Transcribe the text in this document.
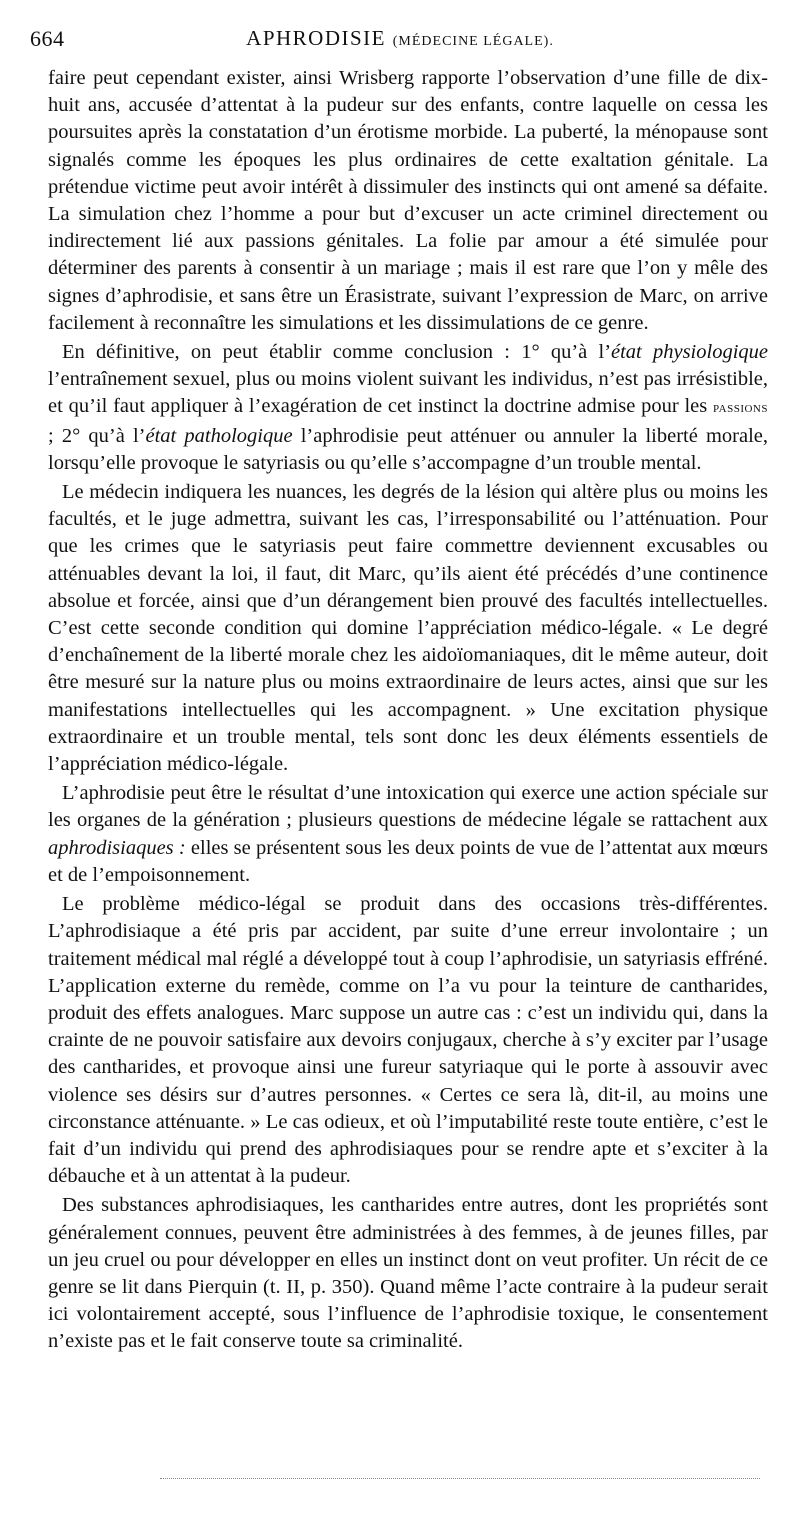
664	APHRODISIE (MÉDECINE LÉGALE).

faire peut cependant exister, ainsi Wrisberg rapporte l’observation d’une fille de dix-huit ans, accusée d’attentat à la pudeur sur des enfants, contre laquelle on cessa les poursuites après la constatation d’un érotisme morbide. La puberté, la ménopause sont signalés comme les époques les plus ordinaires de cette exaltation génitale. La prétendue victime peut avoir intérêt à dissimuler des instincts qui ont amené sa défaite. La simulation chez l’homme a pour but d’excuser un acte criminel directement ou indirectement lié aux passions génitales. La folie par amour a été simulée pour déterminer des parents à consentir à un mariage ; mais il est rare que l’on y mêle des signes d’aphrodisie, et sans être un Érasistrate, suivant l’expression de Marc, on arrive facilement à reconnaître les simulations et les dissimulations de ce genre.

En définitive, on peut établir comme conclusion : 1° qu’à l’état physiologique l’entraînement sexuel, plus ou moins violent suivant les individus, n’est pas irrésistible, et qu’il faut appliquer à l’exagération de cet instinct la doctrine admise pour les passions ; 2° qu’à l’état pathologique l’aphrodisie peut atténuer ou annuler la liberté morale, lorsqu’elle provoque le satyriasis ou qu’elle s’accompagne d’un trouble mental.

Le médecin indiquera les nuances, les degrés de la lésion qui altère plus ou moins les facultés, et le juge admettra, suivant les cas, l’irresponsabilité ou l’atténuation. Pour que les crimes que le satyriasis peut faire commettre deviennent excusables ou atténuables devant la loi, il faut, dit Marc, qu’ils aient été précédés d’une continence absolue et forcée, ainsi que d’un dérangement bien prouvé des facultés intellectuelles. C’est cette seconde condition qui domine l’appréciation médico-légale. « Le degré d’enchaînement de la liberté morale chez les aidoïomaniaques, dit le même auteur, doit être mesuré sur la nature plus ou moins extraordinaire de leurs actes, ainsi que sur les manifestations intellectuelles qui les accompagnent. » Une excitation physique extraordinaire et un trouble mental, tels sont donc les deux éléments essentiels de l’appréciation médico-légale.

L’aphrodisie peut être le résultat d’une intoxication qui exerce une action spéciale sur les organes de la génération ; plusieurs questions de médecine légale se rattachent aux aphrodisiaques : elles se présentent sous les deux points de vue de l’attentat aux mœurs et de l’empoisonnement.

Le problème médico-légal se produit dans des occasions très-différentes. L’aphrodisiaque a été pris par accident, par suite d’une erreur involontaire ; un traitement médical mal réglé a développé tout à coup l’aphrodisie, un satyriasis effréné. L’application externe du remède, comme on l’a vu pour la teinture de cantharides, produit des effets analogues. Marc suppose un autre cas : c’est un individu qui, dans la crainte de ne pouvoir satisfaire aux devoirs conjugaux, cherche à s’y exciter par l’usage des cantharides, et provoque ainsi une fureur satyriaque qui le porte à assouvir avec violence ses désirs sur d’autres personnes. « Certes ce sera là, dit-il, au moins une circonstance atténuante. » Le cas odieux, et où l’imputabilité reste toute entière, c’est le fait d’un individu qui prend des aphrodisiaques pour se rendre apte et s’exciter à la débauche et à un attentat à la pudeur.

Des substances aphrodisiaques, les cantharides entre autres, dont les propriétés sont généralement connues, peuvent être administrées à des femmes, à de jeunes filles, par un jeu cruel ou pour développer en elles un instinct dont on veut profiter. Un récit de ce genre se lit dans Pierquin (t. II, p. 350). Quand même l’acte contraire à la pudeur serait ici volontairement accepté, sous l’influence de l’aphrodisie toxique, le consentement n’existe pas et le fait conserve toute sa criminalité.
